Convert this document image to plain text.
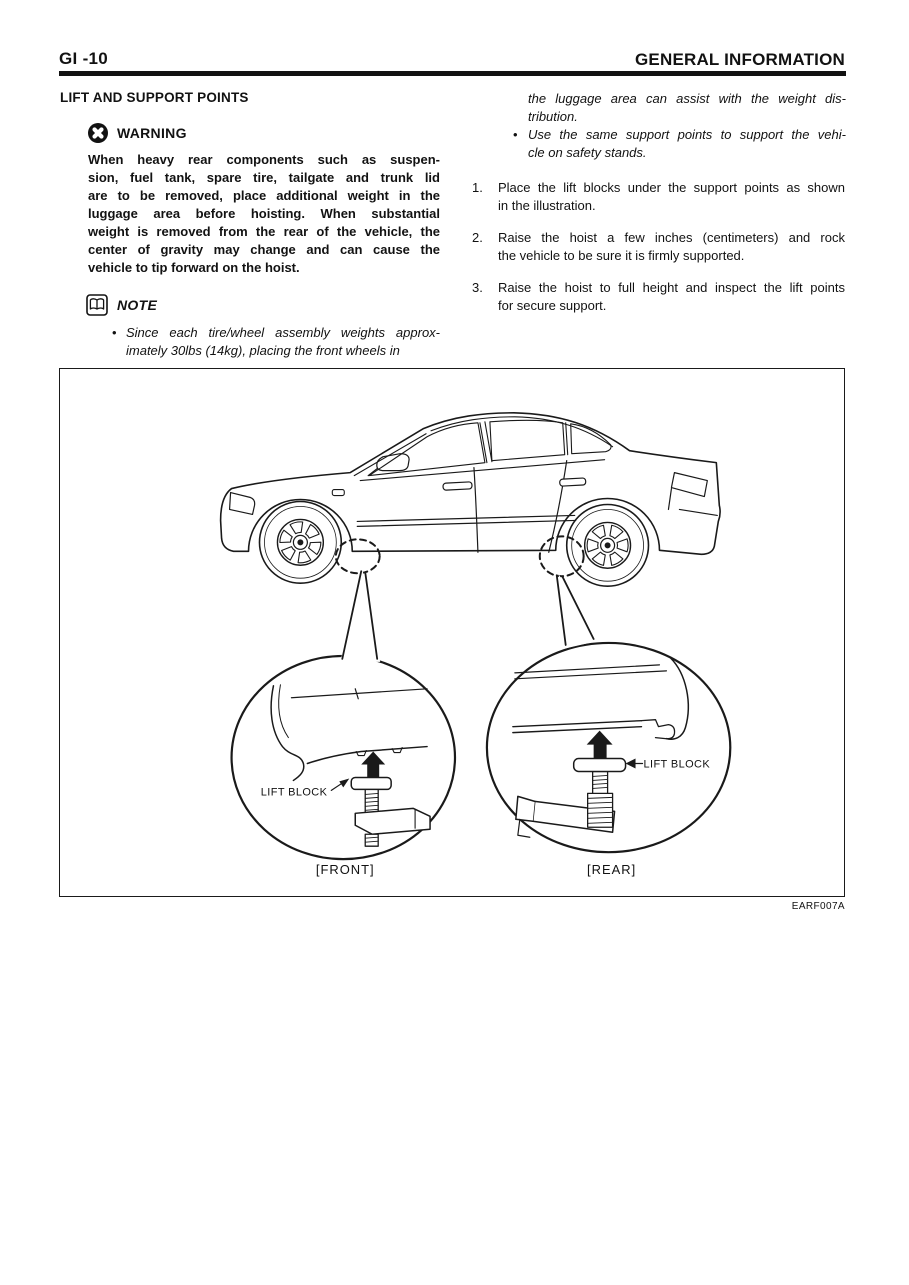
GI -10	GENERAL INFORMATION
LIFT AND SUPPORT POINTS
WARNING
When heavy rear components such as suspen-
sion, fuel tank, spare tire, tailgate and trunk lid
are to be removed, place additional weight in the
luggage area before hoisting. When substantial
weight is removed from the rear of the vehicle, the
center of gravity may change and can cause the
vehicle to tip forward on the hoist.
NOTE
• Since each tire/wheel assembly weights approx-
imately 30lbs (14kg), placing the front wheels in
the luggage area can assist with the weight dis-
tribution.
• Use the same support points to support the vehi-
cle on safety stands.
1. Place the lift blocks under the support points as shown
in the illustration.
2. Raise the hoist a few inches (centimeters) and rock
the vehicle to be sure it is firmly supported.
3. Raise the hoist to full height and inspect the lift points
for secure support.
LIFT BLOCK
LIFT BLOCK
[FRONT]	[REAR]
EARF007A
